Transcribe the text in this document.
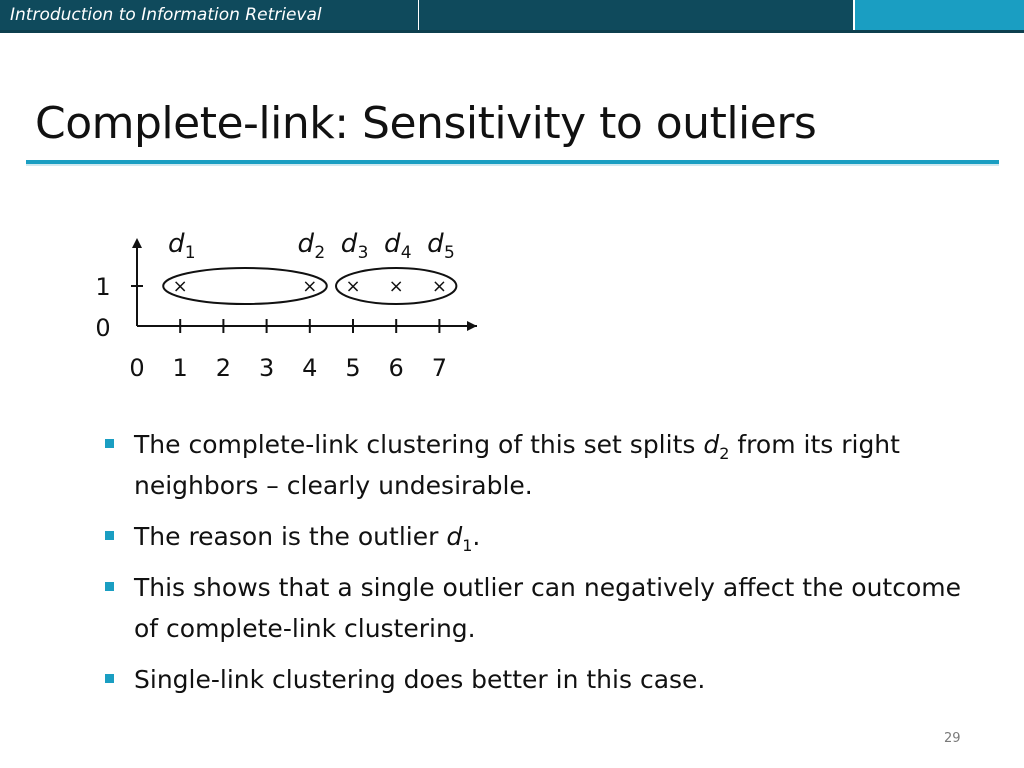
Introduction to Information Retrieval
Complete-link: Sensitivity to outliers
1
0
0 1 2 3 4 5 6 7
×
d 1
×
d 2
×
d 3
×
d 4
×
d 5
The complete-link clustering of this set splits $d_2$ from its right neighbors – clearly undesirable.
The reason is the outlier $d_1$.
This shows that a single outlier can negatively affect the outcome of complete-link clustering.
Single-link clustering does better in this case.
29
